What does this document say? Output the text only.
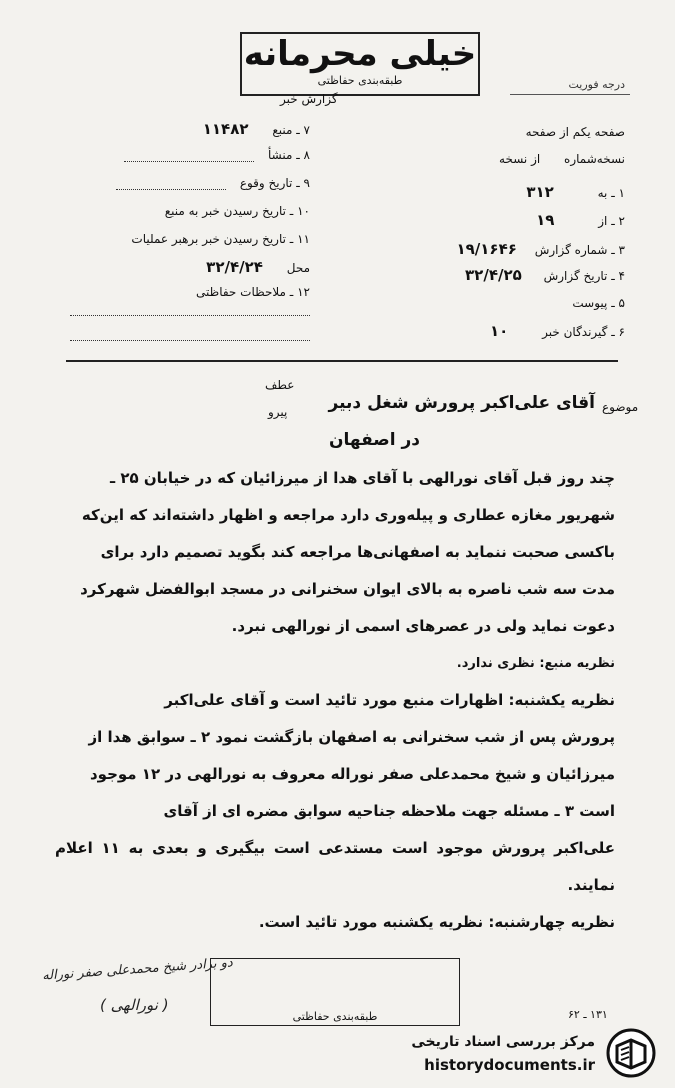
خیلی محرمانه
طبقه‌بندی حفاظتی
گزارش خبر
درجه فوریت
۷ ـ منبع ۱۱۴۸۲
۸ ـ منشأ
۹ ـ تاریخ وقوع
۱۰ ـ تاریخ رسیدن خبر به منبع
۱۱ ـ تاریخ رسیدن خبر برهبر عملیات
محل ۳۲/۴/۲۴
۱۲ ـ ملاحظات حفاظتی
صفحه یکم از صفحه
نسخه‌شماره از نسخه
۱ ـ به ۳۱۲
۲ ـ از ۱۹
۳ ـ شماره گزارش ۱۹/۱۶۴۶
۴ ـ تاریخ گزارش ۳۲/۴/۲۵
۵ ـ پیوست
۶ ـ گیرندگان خبر ۱۰
عطف
پیرو	موضوع
آقای علی‌اکبر پرورش شغل دبیر
در اصفهان
چند روز قبل آقای نورالهی با آقای هدا از میرزائیان که در خیابان ۲۵ ـ
شهریور مغازه عطاری و پیله‌وری دارد مراجعه و اظهار داشته‌اند که این‌که
باکسی صحبت ننماید به اصفهانی‌ها مراجعه کند بگوید تصمیم دارد برای
مدت سه شب ناصره به بالای ایوان سخنرانی در مسجد ابوالفضل شهرکرد
دعوت نماید ولی در عصرهای اسمی از نورالهی نبرد.
نظریه منبع: نظری ندارد.
نظریه یکشنبه: اظهارات منبع مورد تائید است و آقای علی‌اکبر
پرورش پس از شب سخنرانی به اصفهان بازگشت نمود ۲ ـ سوابق هدا از
میرزائیان و شیخ محمدعلی صفر نوراله معروف به نورالهی در ۱۲ موجود
است ۳ ـ مسئله جهت ملاحظه جناحیه سوابق مضره ای از آقای
علی‌اکبر پرورش موجود است مستدعی است بیگیری و بعدی به ۱۱ اعلام نمایند.
نظریه چهارشنبه: نظریه یکشنبه مورد تائید است.
دو برادر شیخ محمدعلی صفر نوراله
( نورالهی )
طبقه‌بندی حفاظتی	۱۳۱ ـ ۶۲
مرکز بررسی اسناد تاریخی
historydocuments.ir
